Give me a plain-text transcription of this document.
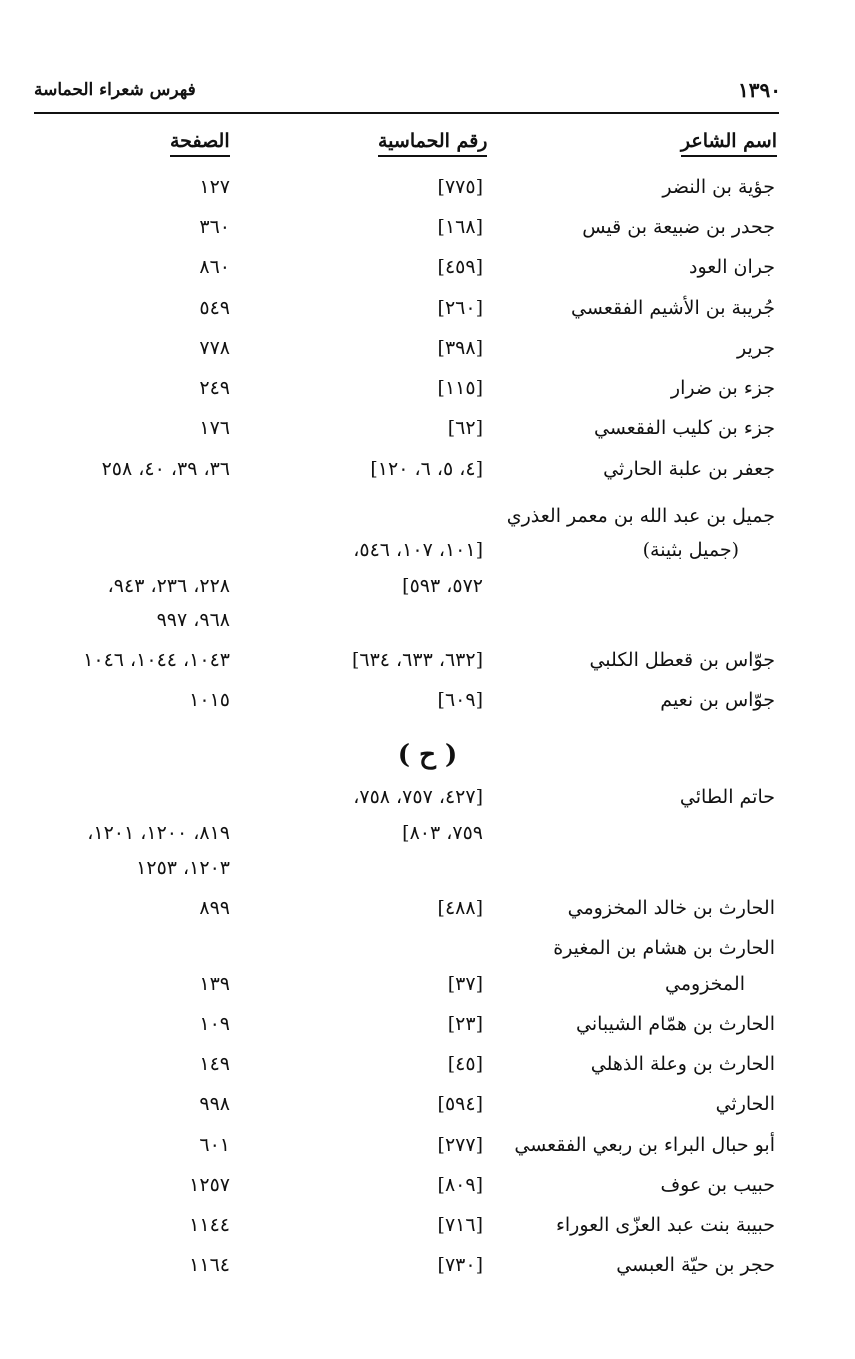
١٣٩٠
فهرس شعراء الحماسة
اسم الشاعر
رقم الحماسية
الصفحة
جؤية بن النضر
[٧٧٥]
١٢٧
جحدر بن ضبيعة بن قيس
[١٦٨]
٣٦٠
جران العود
[٤٥٩]
٨٦٠
جُريبة بن الأشيم الفقعسي
[٢٦٠]
٥٤٩
جرير
[٣٩٨]
٧٧٨
جزء بن ضرار
[١١٥]
٢٤٩
جزء بن كليب الفقعسي
[٦٢]
١٧٦
جعفر بن علبة الحارثي
[٤، ٥، ٦، ١٢٠]
٣٦، ٣٩، ٤٠، ٢٥٨
جميل بن عبد الله بن معمر العذري
(جميل بثينة)
[١٠١، ١٠٧، ٥٤٦،
٥٧٢، ٥٩٣]
٢٢٨، ٢٣٦، ٩٤٣،
٩٦٨، ٩٩٧
جوّاس بن قعطل الكلبي
[٦٣٢، ٦٣٣، ٦٣٤]
١٠٤٣، ١٠٤٤، ١٠٤٦
جوّاس بن نعيم
[٦٠٩]
١٠١٥
( ح )
حاتم الطائي
[٤٢٧، ٧٥٧، ٧٥٨،
٧٥٩، ٨٠٣]
٨١٩، ١٢٠٠، ١٢٠١،
١٢٠٣، ١٢٥٣
الحارث بن خالد المخزومي
[٤٨٨]
٨٩٩
الحارث بن هشام بن المغيرة
المخزومي
[٣٧]
١٣٩
الحارث بن همّام الشيباني
[٢٣]
١٠٩
الحارث بن وعلة الذهلي
[٤٥]
١٤٩
الحارثي
[٥٩٤]
٩٩٨
أبو حبال البراء بن ربعي الفقعسي
[٢٧٧]
٦٠١
حبيب بن عوف
[٨٠٩]
١٢٥٧
حبيبة بنت عبد العزّى العوراء
[٧١٦]
١١٤٤
حجر بن حيّة العبسي
[٧٣٠]
١١٦٤
